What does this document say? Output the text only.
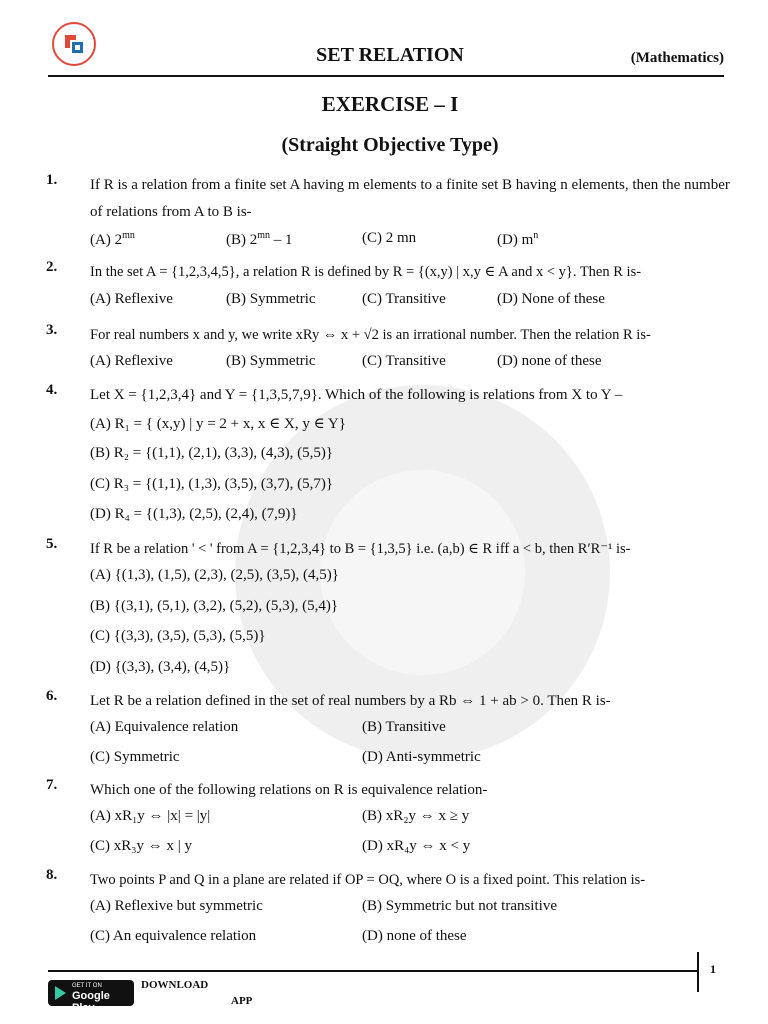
SET RELATION	(Mathematics)
EXERCISE – I
(Straight Objective Type)
1. If R is a relation from a finite set A having m elements to a finite set B having n elements, then the number of relations from A to B is-
(A) $2^{mn}$	(B) $2^{mn} - 1$	(C) 2 mn	(D) $m^n$
2. In the set A = {1,2,3,4,5}, a relation R is defined by R = {(x,y) | x,y ∈ A and x < y}. Then R is-
(A) Reflexive	(B) Symmetric	(C) Transitive	(D) None of these
3. For real numbers x and y, we write xRy ⇔ x + √2 is an irrational number. Then the relation R is-
(A) Reflexive	(B) Symmetric	(C) Transitive	(D) none of these
4. Let X = {1,2,3,4} and Y = {1,3,5,7,9}. Which of the following is relations from X to Y –
(A) R₁ = { (x,y) | y = 2 + x, x ∈ X, y ∈ Y}
(B) R₂ = {(1,1), (2,1), (3,3), (4,3), (5,5)}
(C) R₃ = {(1,1), (1,3), (3,5), (3,7), (5,7)}
(D) R₄ = {(1,3), (2,5), (2,4), (7,9)}
5. If R be a relation ' < ' from A = {1,2,3,4} to B = {1,3,5} i.e. (a,b) ∈ R iff a < b, then R′R⁻¹ is-
(A) {(1,3), (1,5), (2,3), (2,5), (3,5), (4,5)}
(B) {(3,1), (5,1), (3,2), (5,2), (5,3), (5,4)}
(C) {(3,3), (3,5), (5,3), (5,5)}
(D) {(3,3), (3,4), (4,5)}
6. Let R be a relation defined in the set of real numbers by a Rb ⇔ 1 + ab > 0. Then R is-
(A) Equivalence relation	(B) Transitive
(C) Symmetric	(D) Anti-symmetric
7. Which one of the following relations on R is equivalence relation-
(A) xR₁y ⇔ |x| = |y|	(B) xR₂y ⇔ x ≥ y
(C) xR₃y ⇔ x | y	(D) xR₄y ⇔ x < y
8. Two points P and Q in a plane are related if OP = OQ, where O is a fixed point. This relation is-
(A) Reflexive but symmetric	(B) Symmetric but not transitive
(C) An equivalence relation	(D) none of these
1
GET IT ON
Google Play
DOWNLOAD
APP
